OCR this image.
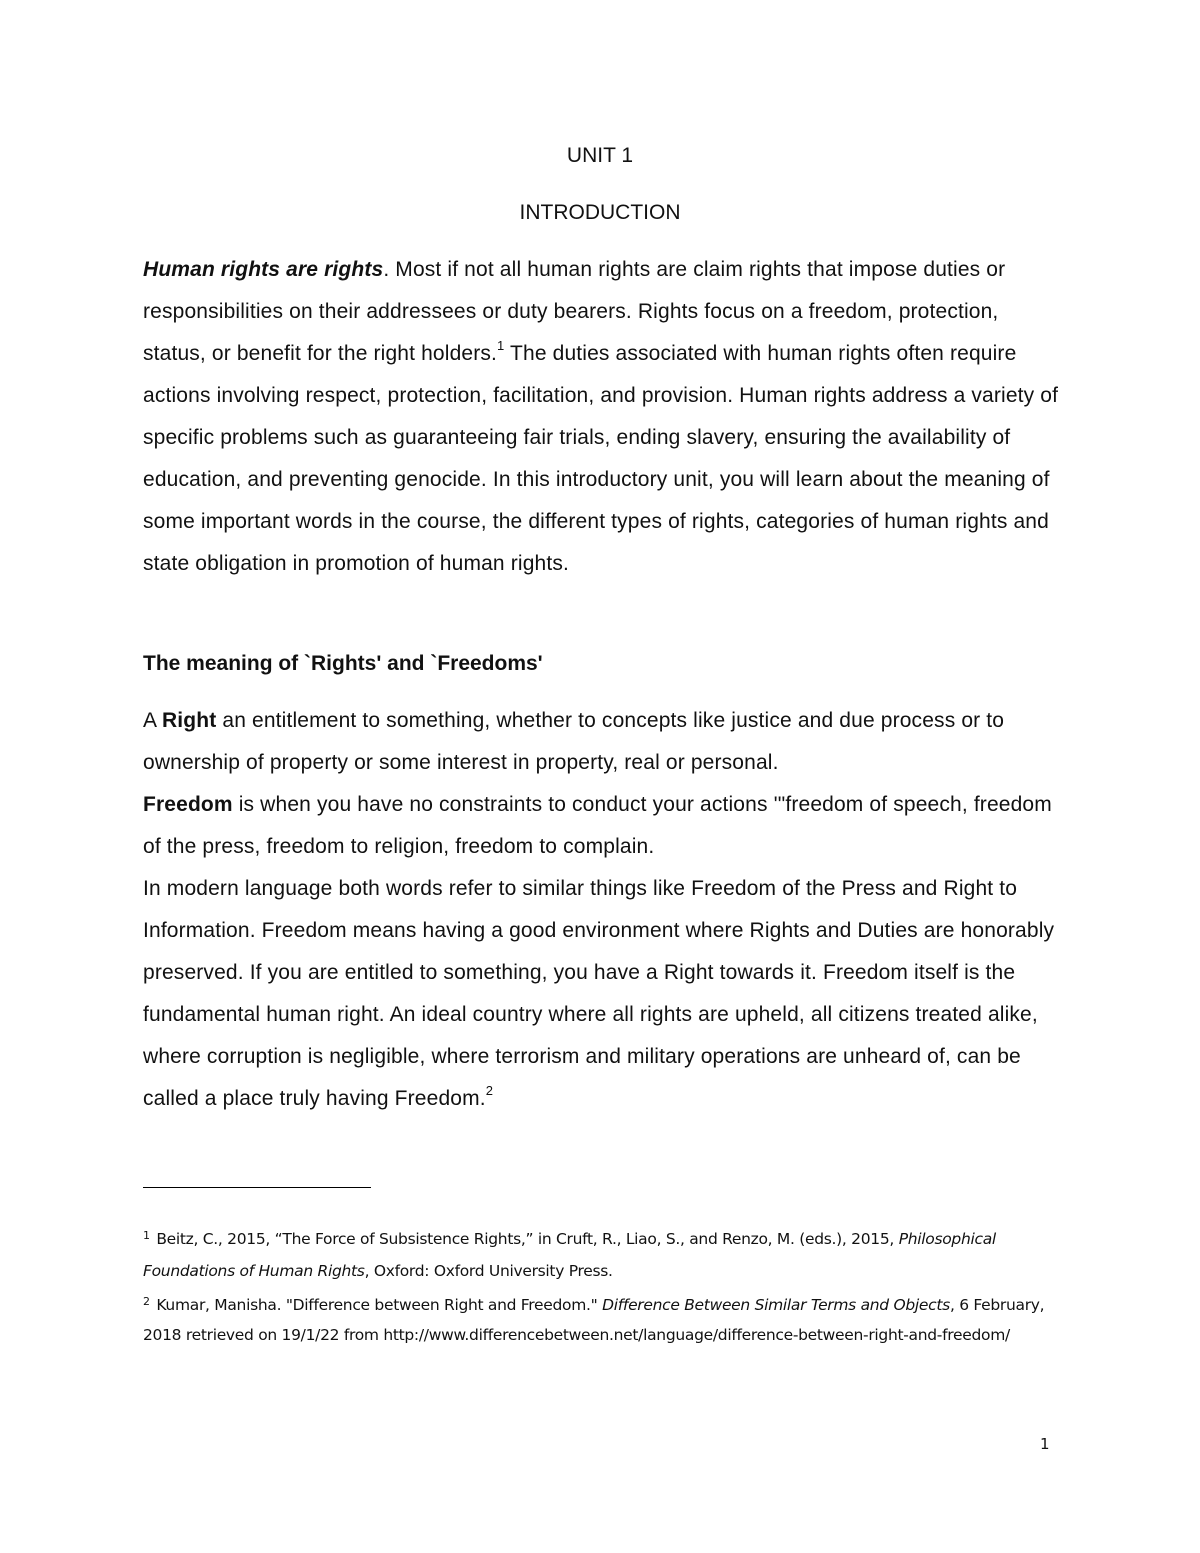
UNIT 1
INTRODUCTION

Human rights are rights. Most if not all human rights are claim rights that impose duties or responsibilities on their addressees or duty bearers. Rights focus on a freedom, protection, status, or benefit for the right holders.$^1$ The duties associated with human rights often require actions involving respect, protection, facilitation, and provision. Human rights address a variety of specific problems such as guaranteeing fair trials, ending slavery, ensuring the availability of education, and preventing genocide. In this introductory unit, you will learn about the meaning of some important words in the course, the different types of rights, categories of human rights and state obligation in promotion of human rights.

The meaning of `Rights' and `Freedoms'

A Right an entitlement to something, whether to concepts like justice and due process or to ownership of property or some interest in property, real or personal.
Freedom is when you have no constraints to conduct your actions '"freedom of speech, freedom of the press, freedom to religion, freedom to complain.
In modern language both words refer to similar things like Freedom of the Press and Right to Information. Freedom means having a good environment where Rights and Duties are honorably preserved. If you are entitled to something, you have a Right towards it. Freedom itself is the fundamental human right. An ideal country where all rights are upheld, all citizens treated alike, where corruption is negligible, where terrorism and military operations are unheard of, can be called a place truly having Freedom.$^2$

$^1$ Beitz, C., 2015, “The Force of Subsistence Rights,” in Cruft, R., Liao, S., and Renzo, M. (eds.), 2015, Philosophical Foundations of Human Rights, Oxford: Oxford University Press.

$^2$ Kumar, Manisha. "Difference between Right and Freedom." Difference Between Similar Terms and Objects, 6 February, 2018 retrieved on 19/1/22 from http://www.differencebetween.net/language/difference-between-right-and-freedom/

1
